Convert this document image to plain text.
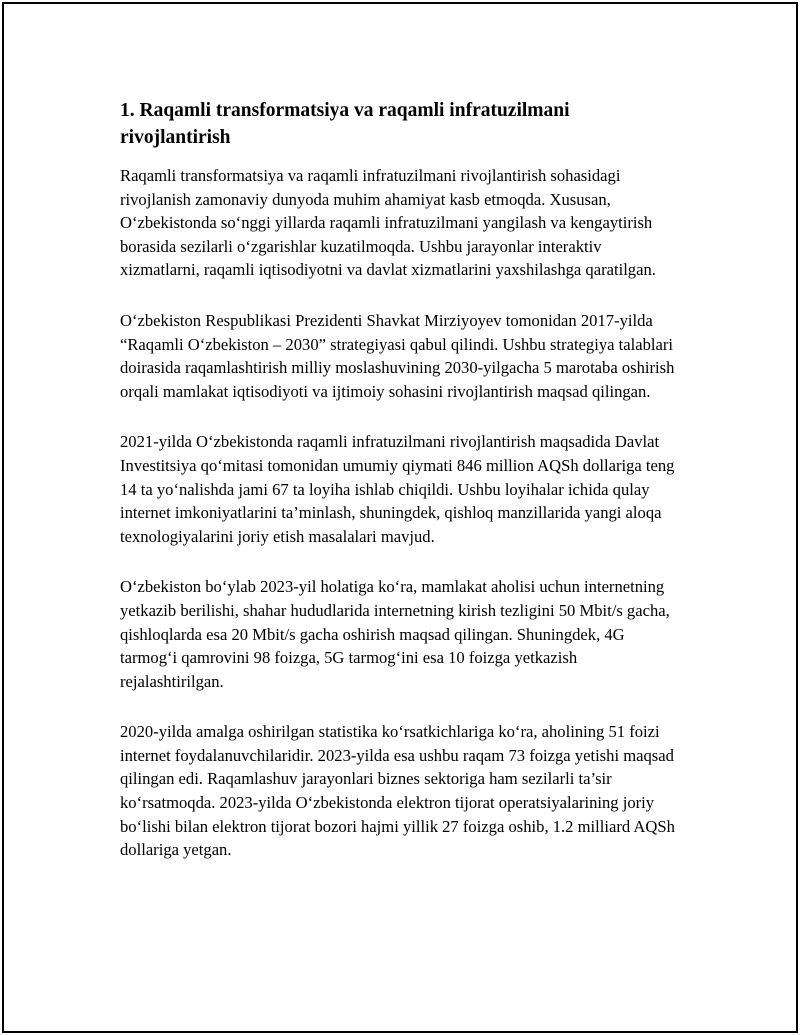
1. Raqamli transformatsiya va raqamli infratuzilmani rivojlantirish

Raqamli transformatsiya va raqamli infratuzilmani rivojlantirish sohasidagi rivojlanish zamonaviy dunyoda muhim ahamiyat kasb etmoqda. Xususan, O‘zbekistonda so‘nggi yillarda raqamli infratuzilmani yangilash va kengaytirish borasida sezilarli o‘zgarishlar kuzatilmoqda. Ushbu jarayonlar interaktiv xizmatlarni, raqamli iqtisodiyotni va davlat xizmatlarini yaxshilashga qaratilgan.

O‘zbekiston Respublikasi Prezidenti Shavkat Mirziyoyev tomonidan 2017-yilda “Raqamli O‘zbekiston – 2030” strategiyasi qabul qilindi. Ushbu strategiya talablari doirasida raqamlashtirish milliy moslashuvining 2030-yilgacha 5 marotaba oshirish orqali mamlakat iqtisodiyoti va ijtimoiy sohasini rivojlantirish maqsad qilingan.

2021-yilda O‘zbekistonda raqamli infratuzilmani rivojlantirish maqsadida Davlat Investitsiya qo‘mitasi tomonidan umumiy qiymati 846 million AQSh dollariga teng 14 ta yo‘nalishda jami 67 ta loyiha ishlab chiqildi. Ushbu loyihalar ichida qulay internet imkoniyatlarini ta’minlash, shuningdek, qishloq manzillarida yangi aloqa texnologiyalarini joriy etish masalalari mavjud.

O‘zbekiston bo‘ylab 2023-yil holatiga ko‘ra, mamlakat aholisi uchun internetning yetkazib berilishi, shahar hududlarida internetning kirish tezligini 50 Mbit/s gacha, qishloqlarda esa 20 Mbit/s gacha oshirish maqsad qilingan. Shuningdek, 4G tarmog‘i qamrovini 98 foizga, 5G tarmog‘ini esa 10 foizga yetkazish rejalashtirilgan.

2020-yilda amalga oshirilgan statistika ko‘rsatkichlariga ko‘ra, aholining 51 foizi internet foydalanuvchilaridir. 2023-yilda esa ushbu raqam 73 foizga yetishi maqsad qilingan edi. Raqamlashuv jarayonlari biznes sektoriga ham sezilarli ta’sir ko‘rsatmoqda. 2023-yilda O‘zbekistonda elektron tijorat operatsiyalarining joriy bo‘lishi bilan elektron tijorat bozori hajmi yillik 27 foizga oshib, 1.2 milliard AQSh dollariga yetgan.
